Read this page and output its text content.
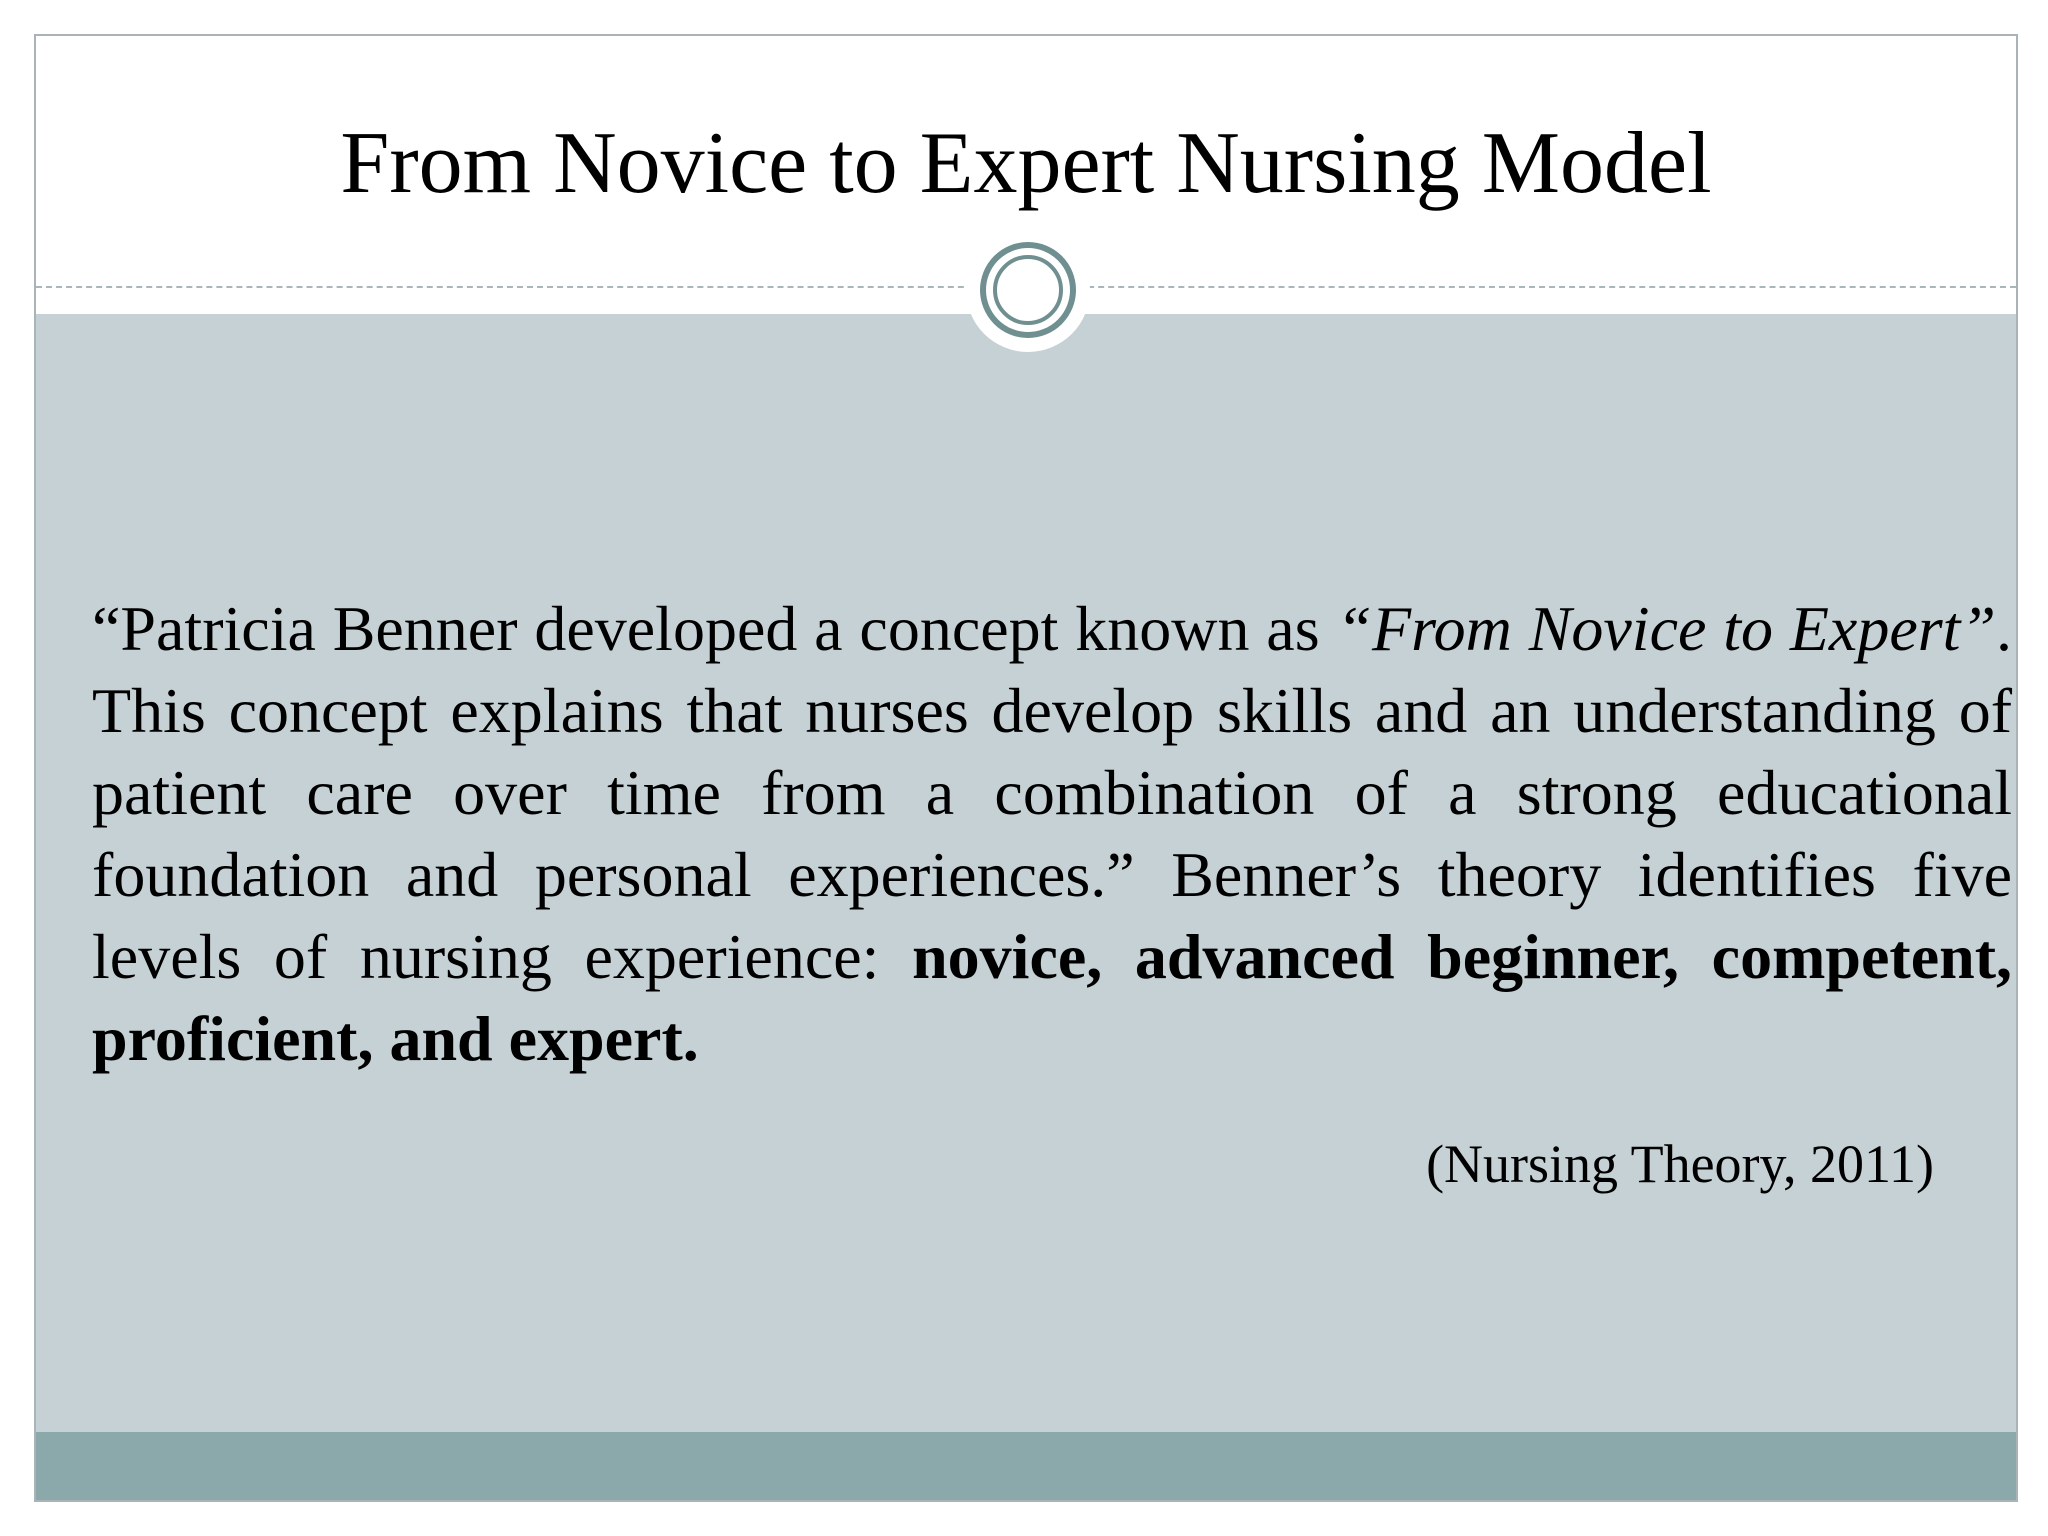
From Novice to Expert Nursing Model

“Patricia Benner developed a concept known as “From Novice to Expert”. This concept explains that nurses develop skills and an understanding of patient care over time from a combination of a strong educational foundation and personal experiences.” Benner’s theory identifies five levels of nursing experience: novice, advanced beginner, competent, proficient, and expert.

(Nursing Theory, 2011)
